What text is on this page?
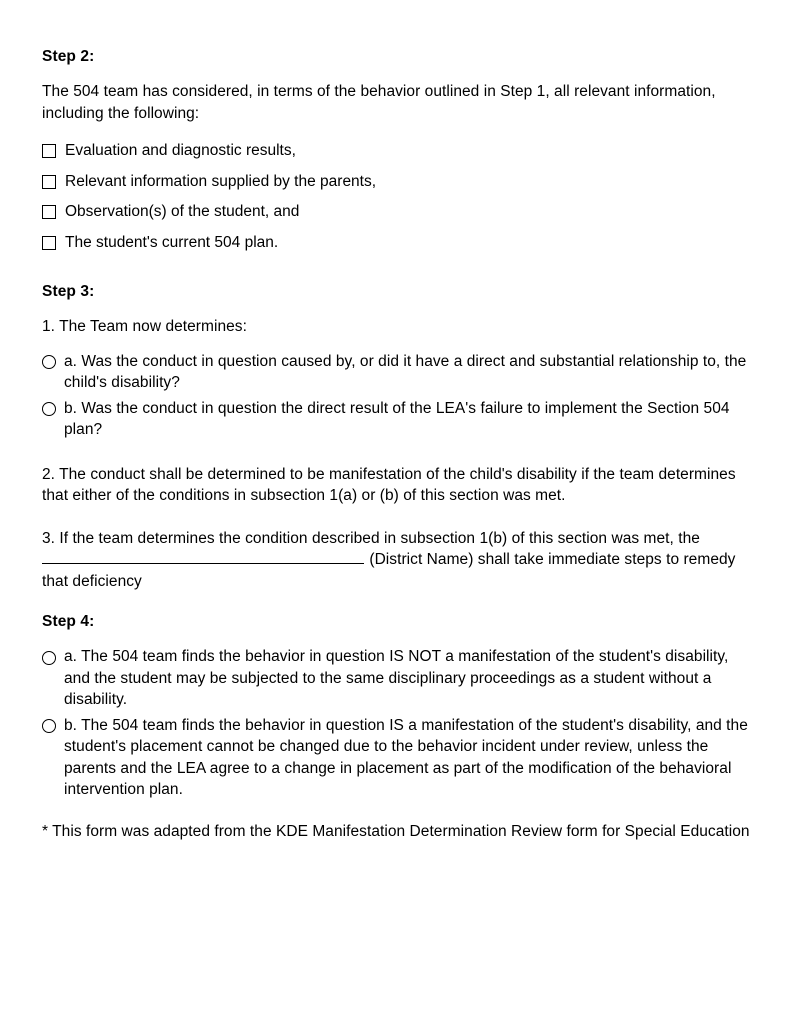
Step 2:

The 504 team has considered, in terms of the behavior outlined in Step 1, all relevant information, including the following:

Evaluation and diagnostic results,
Relevant information supplied by the parents,
Observation(s) of the student, and
The student's current 504 plan.
Step 3:

1. The Team now determines:

a. Was the conduct in question caused by, or did it have a direct and substantial relationship to, the child's disability?
b. Was the conduct in question the direct result of the LEA's failure to implement the Section 504 plan?

2. The conduct shall be determined to be manifestation of the child's disability if the team determines that either of the conditions in subsection 1(a) or (b) of this section was met.

3. If the team determines the condition described in subsection 1(b) of this section was met, the
(District Name) shall take immediate steps to remedy that deficiency

Step 4:
a. The 504 team finds the behavior in question IS NOT a manifestation of the student's disability, and the student may be subjected to the same disciplinary proceedings as a student without a disability.
b. The 504 team finds the behavior in question IS a manifestation of the student's disability, and the student's placement cannot be changed due to the behavior incident under review, unless the parents and the LEA agree to a change in placement as part of the modification of the behavioral intervention plan.

* This form was adapted from the KDE Manifestation Determination Review form for Special Education
